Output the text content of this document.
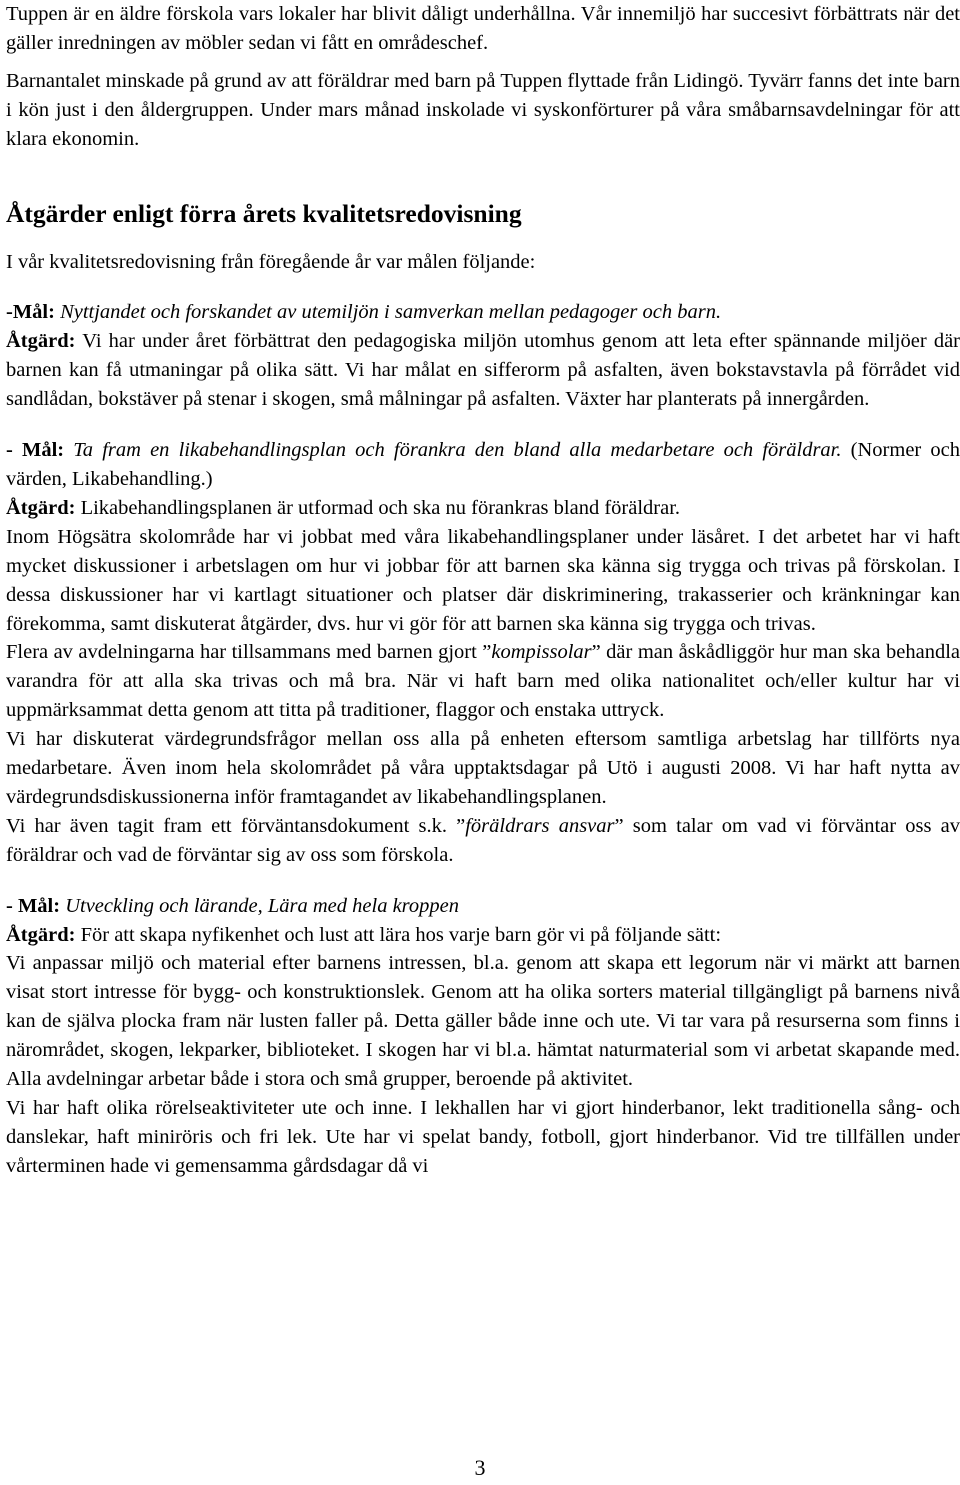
Tuppen är en äldre förskola vars lokaler har blivit dåligt underhållna. Vår innemiljö har succesivt förbättrats när det gäller inredningen av möbler sedan vi fått en områdeschef.

Barnantalet minskade på grund av att föräldrar med barn på Tuppen flyttade från Lidingö. Tyvärr fanns det inte barn i kön just i den åldergruppen. Under mars månad inskolade vi syskonförturer på våra småbarnsavdelningar för att klara ekonomin.

Åtgärder enligt förra årets kvalitetsredovisning

I vår kvalitetsredovisning från föregående år var målen följande:

-Mål: Nyttjandet och forskandet av utemiljön i samverkan mellan pedagoger och barn.

Åtgärd: Vi har under året förbättrat den pedagogiska miljön utomhus genom att leta efter spännande miljöer där barnen kan få utmaningar på olika sätt. Vi har målat en sifferorm på asfalten, även bokstavstavla på förrådet vid sandlådan, bokstäver på stenar i skogen, små målningar på asfalten. Växter har planterats på innergården.

- Mål: Ta fram en likabehandlingsplan och förankra den bland alla medarbetare och föräldrar. (Normer och värden, Likabehandling.)

Åtgärd: Likabehandlingsplanen är utformad och ska nu förankras bland föräldrar.

Inom Högsätra skolområde har vi jobbat med våra likabehandlingsplaner under läsåret. I det arbetet har vi haft mycket diskussioner i arbetslagen om hur vi jobbar för att barnen ska känna sig trygga och trivas på förskolan. I dessa diskussioner har vi kartlagt situationer och platser där diskriminering, trakasserier och kränkningar kan förekomma, samt diskuterat åtgärder, dvs. hur vi gör för att barnen ska känna sig trygga och trivas.

Flera av avdelningarna har tillsammans med barnen gjort ”kompissolar” där man åskådliggör hur man ska behandla varandra för att alla ska trivas och må bra. När vi haft barn med olika nationalitet och/eller kultur har vi uppmärksammat detta genom att titta på traditioner, flaggor och enstaka uttryck.

Vi har diskuterat värdegrundsfrågor mellan oss alla på enheten eftersom samtliga arbetslag har tillförts nya medarbetare. Även inom hela skolområdet på våra upptaktsdagar på Utö i augusti 2008. Vi har haft nytta av värdegrundsdiskussionerna inför framtagandet av likabehandlingsplanen.

Vi har även tagit fram ett förväntansdokument s.k. ”föräldrars ansvar” som talar om vad vi förväntar oss av föräldrar och vad de förväntar sig av oss som förskola.

- Mål: Utveckling och lärande, Lära med hela kroppen

Åtgärd: För att skapa nyfikenhet och lust att lära hos varje barn gör vi på följande sätt:

Vi anpassar miljö och material efter barnens intressen, bl.a. genom att skapa ett legorum när vi märkt att barnen visat stort intresse för bygg- och konstruktionslek. Genom att ha olika sorters material tillgängligt på barnens nivå kan de själva plocka fram när lusten faller på. Detta gäller både inne och ute. Vi tar vara på resurserna som finns i närområdet, skogen, lekparker, biblioteket. I skogen har vi bl.a. hämtat naturmaterial som vi arbetat skapande med. Alla avdelningar arbetar både i stora och små grupper, beroende på aktivitet.

Vi har haft olika rörelseaktiviteter ute och inne. I lekhallen har vi gjort hinderbanor, lekt traditionella sång- och danslekar, haft miniröris och fri lek. Ute har vi spelat bandy, fotboll, gjort hinderbanor. Vid tre tillfällen under vårterminen hade vi gemensamma gårdsdagar då vi

3
